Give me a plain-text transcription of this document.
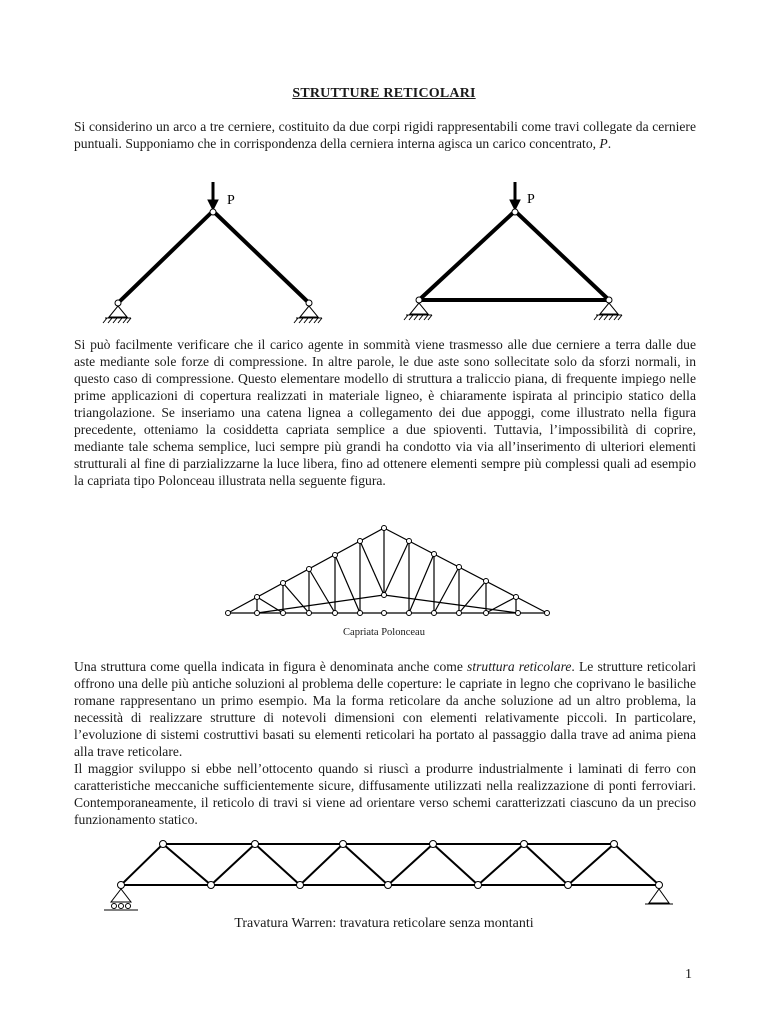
STRUTTURE RETICOLARI
Si considerino un arco a tre cerniere, costituito da due corpi rigidi rappresentabili come travi collegate da cerniere puntuali. Supponiamo che in corrispondenza della cerniera interna agisca un carico concentrato, P.
P	P
Si può facilmente verificare che il carico agente in sommità viene trasmesso alle due cerniere a terra dalle due aste mediante sole forze di compressione. In altre parole, le due aste sono sollecitate solo da sforzi normali, in questo caso di compressione. Questo elementare modello di struttura a traliccio piana, di frequente impiego nelle prime applicazioni di copertura realizzati in materiale ligneo, è chiaramente ispirata al principio statico della triangolazione. Se inseriamo una catena lignea a collegamento dei due appoggi, come illustrato nella figura precedente, otteniamo la cosiddetta capriata semplice a due spioventi. Tuttavia, l’impossibilità di coprire, mediante tale schema semplice, luci sempre più grandi ha condotto via via all’inserimento di ulteriori elementi strutturali al fine di parzializzarne la luce libera, fino ad ottenere elementi sempre più complessi quali ad esempio la capriata tipo Polonceau illustrata nella seguente figura.
Capriata Polonceau
Una struttura come quella indicata in figura è denominata anche come struttura reticolare. Le strutture reticolari offrono una delle più antiche soluzioni al problema delle coperture: le capriate in legno che coprivano le basiliche romane rappresentano un primo esempio. Ma la forma reticolare da anche soluzione ad un altro problema, la necessità di realizzare strutture di notevoli dimensioni con elementi relativamente piccoli. In particolare, l’evoluzione di sistemi costruttivi basati su elementi reticolari ha portato al passaggio dalla trave ad anima piena alla trave reticolare.
Il maggior sviluppo si ebbe nell’ottocento quando si riuscì a produrre industrialmente i laminati di ferro con caratteristiche meccaniche sufficientemente sicure, diffusamente utilizzati nella realizzazione di ponti ferroviari. Contemporaneamente, il reticolo di travi si viene ad orientare verso schemi caratterizzati ciascuno da un preciso funzionamento statico.
Travatura Warren: travatura reticolare senza montanti
1
